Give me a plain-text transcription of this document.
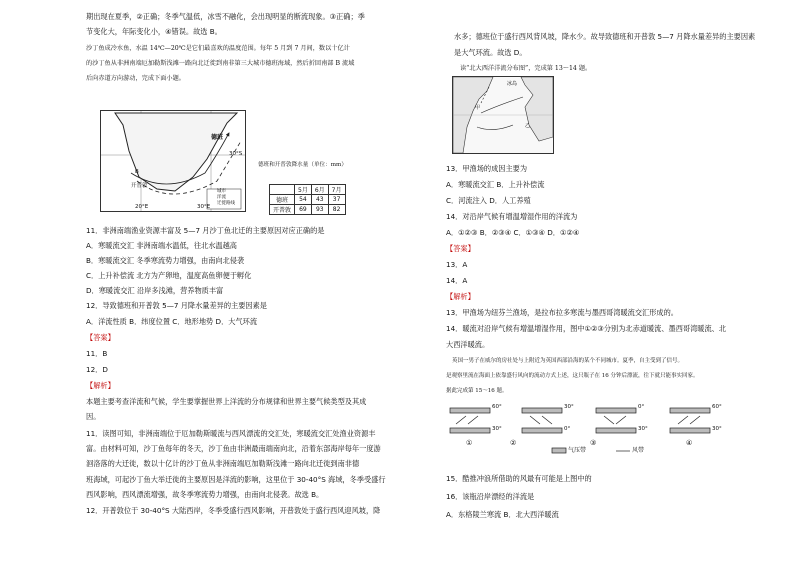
期出现在夏季，②正确；冬季气温低，冰雪不融化，会出现明显的断流现象。③正确；季
节变化大，年际变化小，④错误。故选 B。
沙丁鱼成冷水鱼，水温 14℃—20℃是它们最喜欢的温度范围。每年 5 月到 7 月间，数以十亿计
的沙丁鱼从非洲南端厄加勒斯浅滩一路向北迁徙到南非第三大城市德班海域，然后折回南部 B 流域
后向赤道方向游动，完成下面小题。
德班
30°S
B
开普敦
20°E	30°E
城市
洋流
迁徙路线
德班和开普敦降水量（单位：mm）
	5月	6月	7月
德班	54	43	37
开普敦	69	93	82
11．非洲南端渔业资源丰富及 5—7 月沙丁鱼北迁的主要原因对应正确的是
A．寒暖流交汇 非洲南端水温低，往北水温越高
B．寒暖流交汇 冬季寒流势力增强，由南向北侵袭
C．上升补偿流 北方为产卵地，温度高鱼卵便于孵化
D．寒暖流交汇 沿岸多浅滩，营养物质丰富
12．导致德班和开普敦 5—7 月降水量差异的主要因素是
A．洋流性质 B．纬度位置 C．地形地势 D．大气环流
【答案】
11．B
12．D
【解析】
本题主要考查洋流和气候，学生要掌握世界上洋流的分布规律和世界主要气候类型及其成
因。
11．读图可知，非洲南端位于厄加勒斯暖流与西风漂流的交汇处，寒暖流交汇处渔业资源丰
富。由材料可知，沙丁鱼每年的冬天，沙丁鱼由非洲最南端南向北，沿着东部海岸每年一度游
洄洛落的大迁徙，数以十亿计的沙丁鱼从非洲南端厄加勒斯浅滩一路向北迁徙到南非德
班海域，可起沙丁鱼大举迁徙的主要原因是洋流的影响，这里位于 30-40°S 海域，冬季受盛行
西风影响，西风漂流增强，故冬季寒流势力增强，由南向北侵袭。故选 B。
12．开普敦位于 30-40°S 大陆西岸，冬季受盛行西风影响，开普敦处于盛行西风迎风坡，降
水多；德班位于盛行西风背风坡，降水少。故导致德班和开普敦 5—7 月降水量差异的主要因素
是大气环流。故选 D。
读“北大西洋洋流分布图”，完成第 13～14 题。
冰岛
甲
乙
13．甲渔场的成因主要为
A．寒暖流交汇 B．上升补偿流
C．河流注入 D．人工养殖
14．对沿岸气候有增温增湿作用的洋流为
A．①②③ B．②③④ C．①③④ D．①②④
【答案】
13．A
14．A
【解析】
13．甲渔场为纽芬兰渔场，是拉布拉多寒流与墨西哥湾暖流交汇形成的。
14．暖流对沿岸气候有增温增湿作用，图中①②③分别为北赤道暖流、墨西哥湾暖流、北
大西洋暖流。
英国一男子在威尔的房社处与上附近为英国西部沿海的某个不同城市。夏季，自主受到了信号。
是观察里流在海面上依靠盛行风向的流动方式上述，这只瓶子在 16 分钟后漂流，往下就只能事实回家。
据此完成第 15～16 题。
60°
30°
30°
0°
0°
30°
60°
30°
①	②	③	④
气压带	风带
15．酷推冲浪所借助的风最有可能是上图中的
16．该瓶沿岸漂经的洋流是
A．东格陵兰寒流 B．北大西洋暖流
